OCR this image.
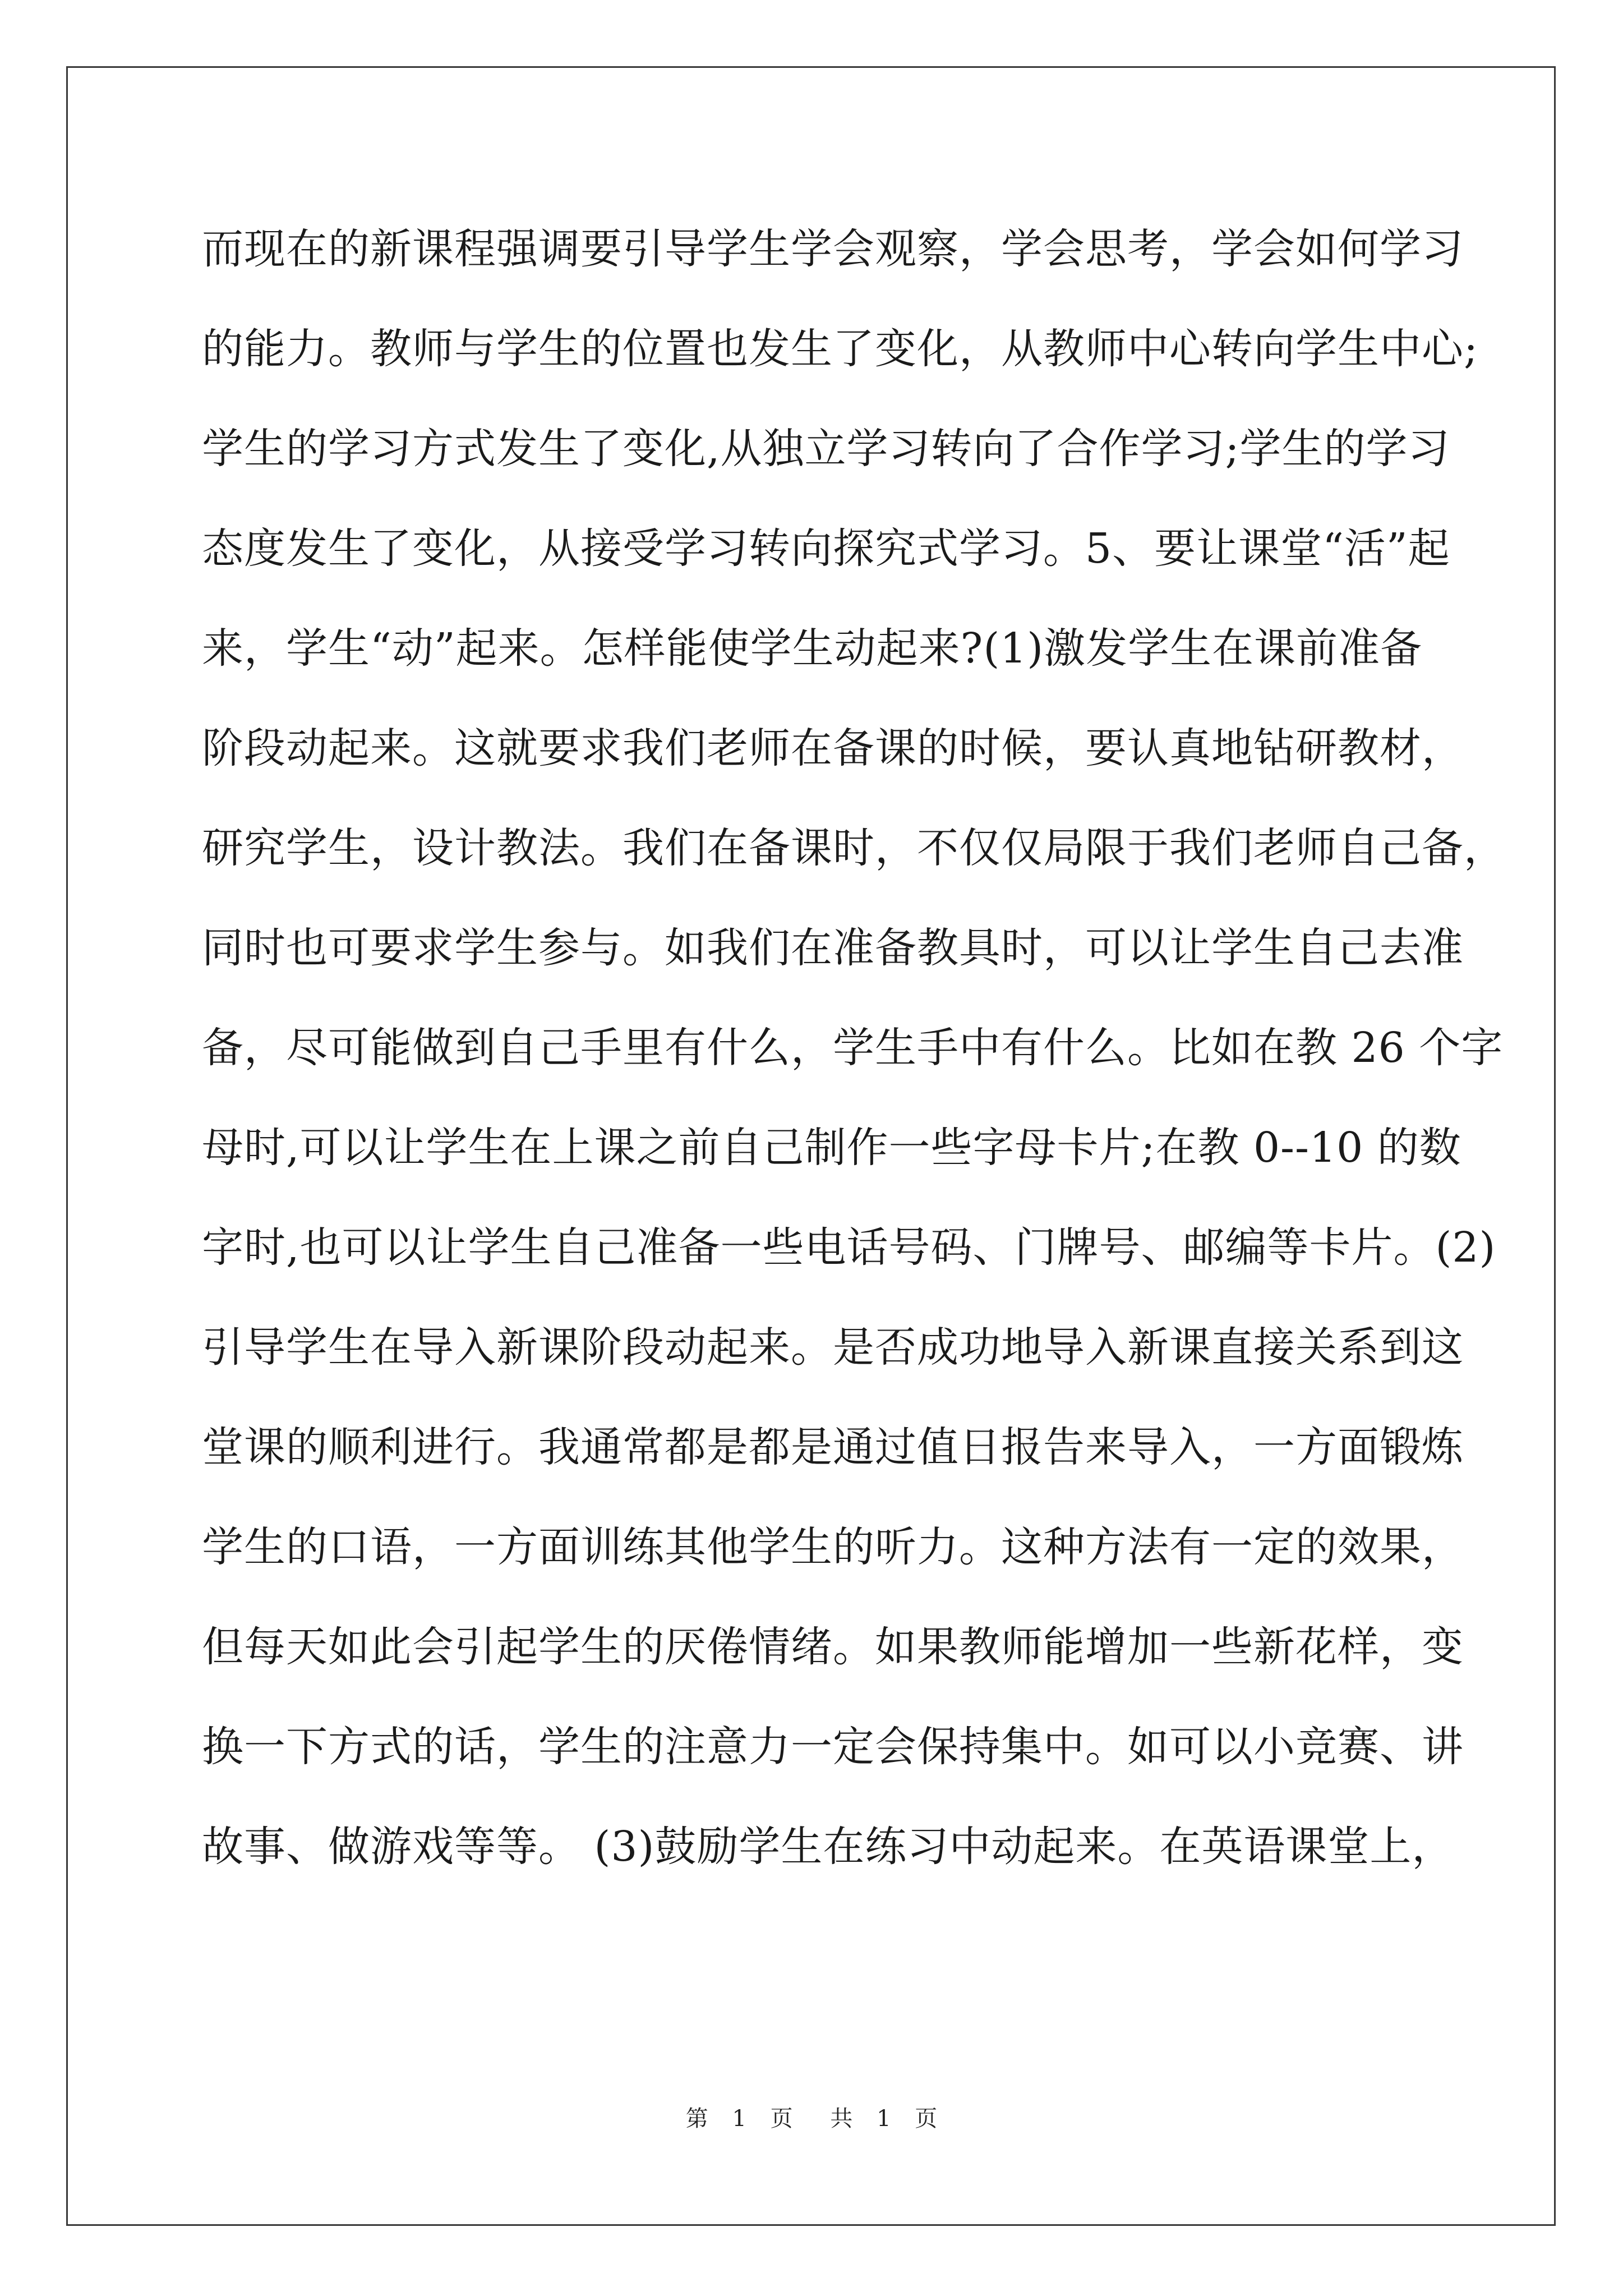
而现在的新课程强调要引导学生学会观察，学会思考，学会如何学习
的能力。教师与学生的位置也发生了变化，从教师中心转向学生中心;
学生的学习方式发生了变化,从独立学习转向了合作学习;学生的学习
态度发生了变化，从接受学习转向探究式学习。5、要让课堂“活”起
来，学生“动”起来。怎样能使学生动起来?(1)激发学生在课前准备
阶段动起来。这就要求我们老师在备课的时候，要认真地钻研教材，
研究学生，设计教法。我们在备课时，不仅仅局限于我们老师自己备，
同时也可要求学生参与。如我们在准备教具时，可以让学生自己去准
备，尽可能做到自己手里有什么，学生手中有什么。比如在教 26 个字
母时,可以让学生在上课之前自己制作一些字母卡片;在教 0--10 的数
字时,也可以让学生自己准备一些电话号码、门牌号、邮编等卡片。(2)
引导学生在导入新课阶段动起来。是否成功地导入新课直接关系到这
堂课的顺利进行。我通常都是都是通过值日报告来导入，一方面锻炼
学生的口语，一方面训练其他学生的听力。这种方法有一定的效果，
但每天如此会引起学生的厌倦情绪。如果教师能增加一些新花样，变
换一下方式的话，学生的注意力一定会保持集中。如可以小竞赛、讲
故事、做游戏等等。 (3)鼓励学生在练习中动起来。在英语课堂上，
第 1 页 共 1 页
